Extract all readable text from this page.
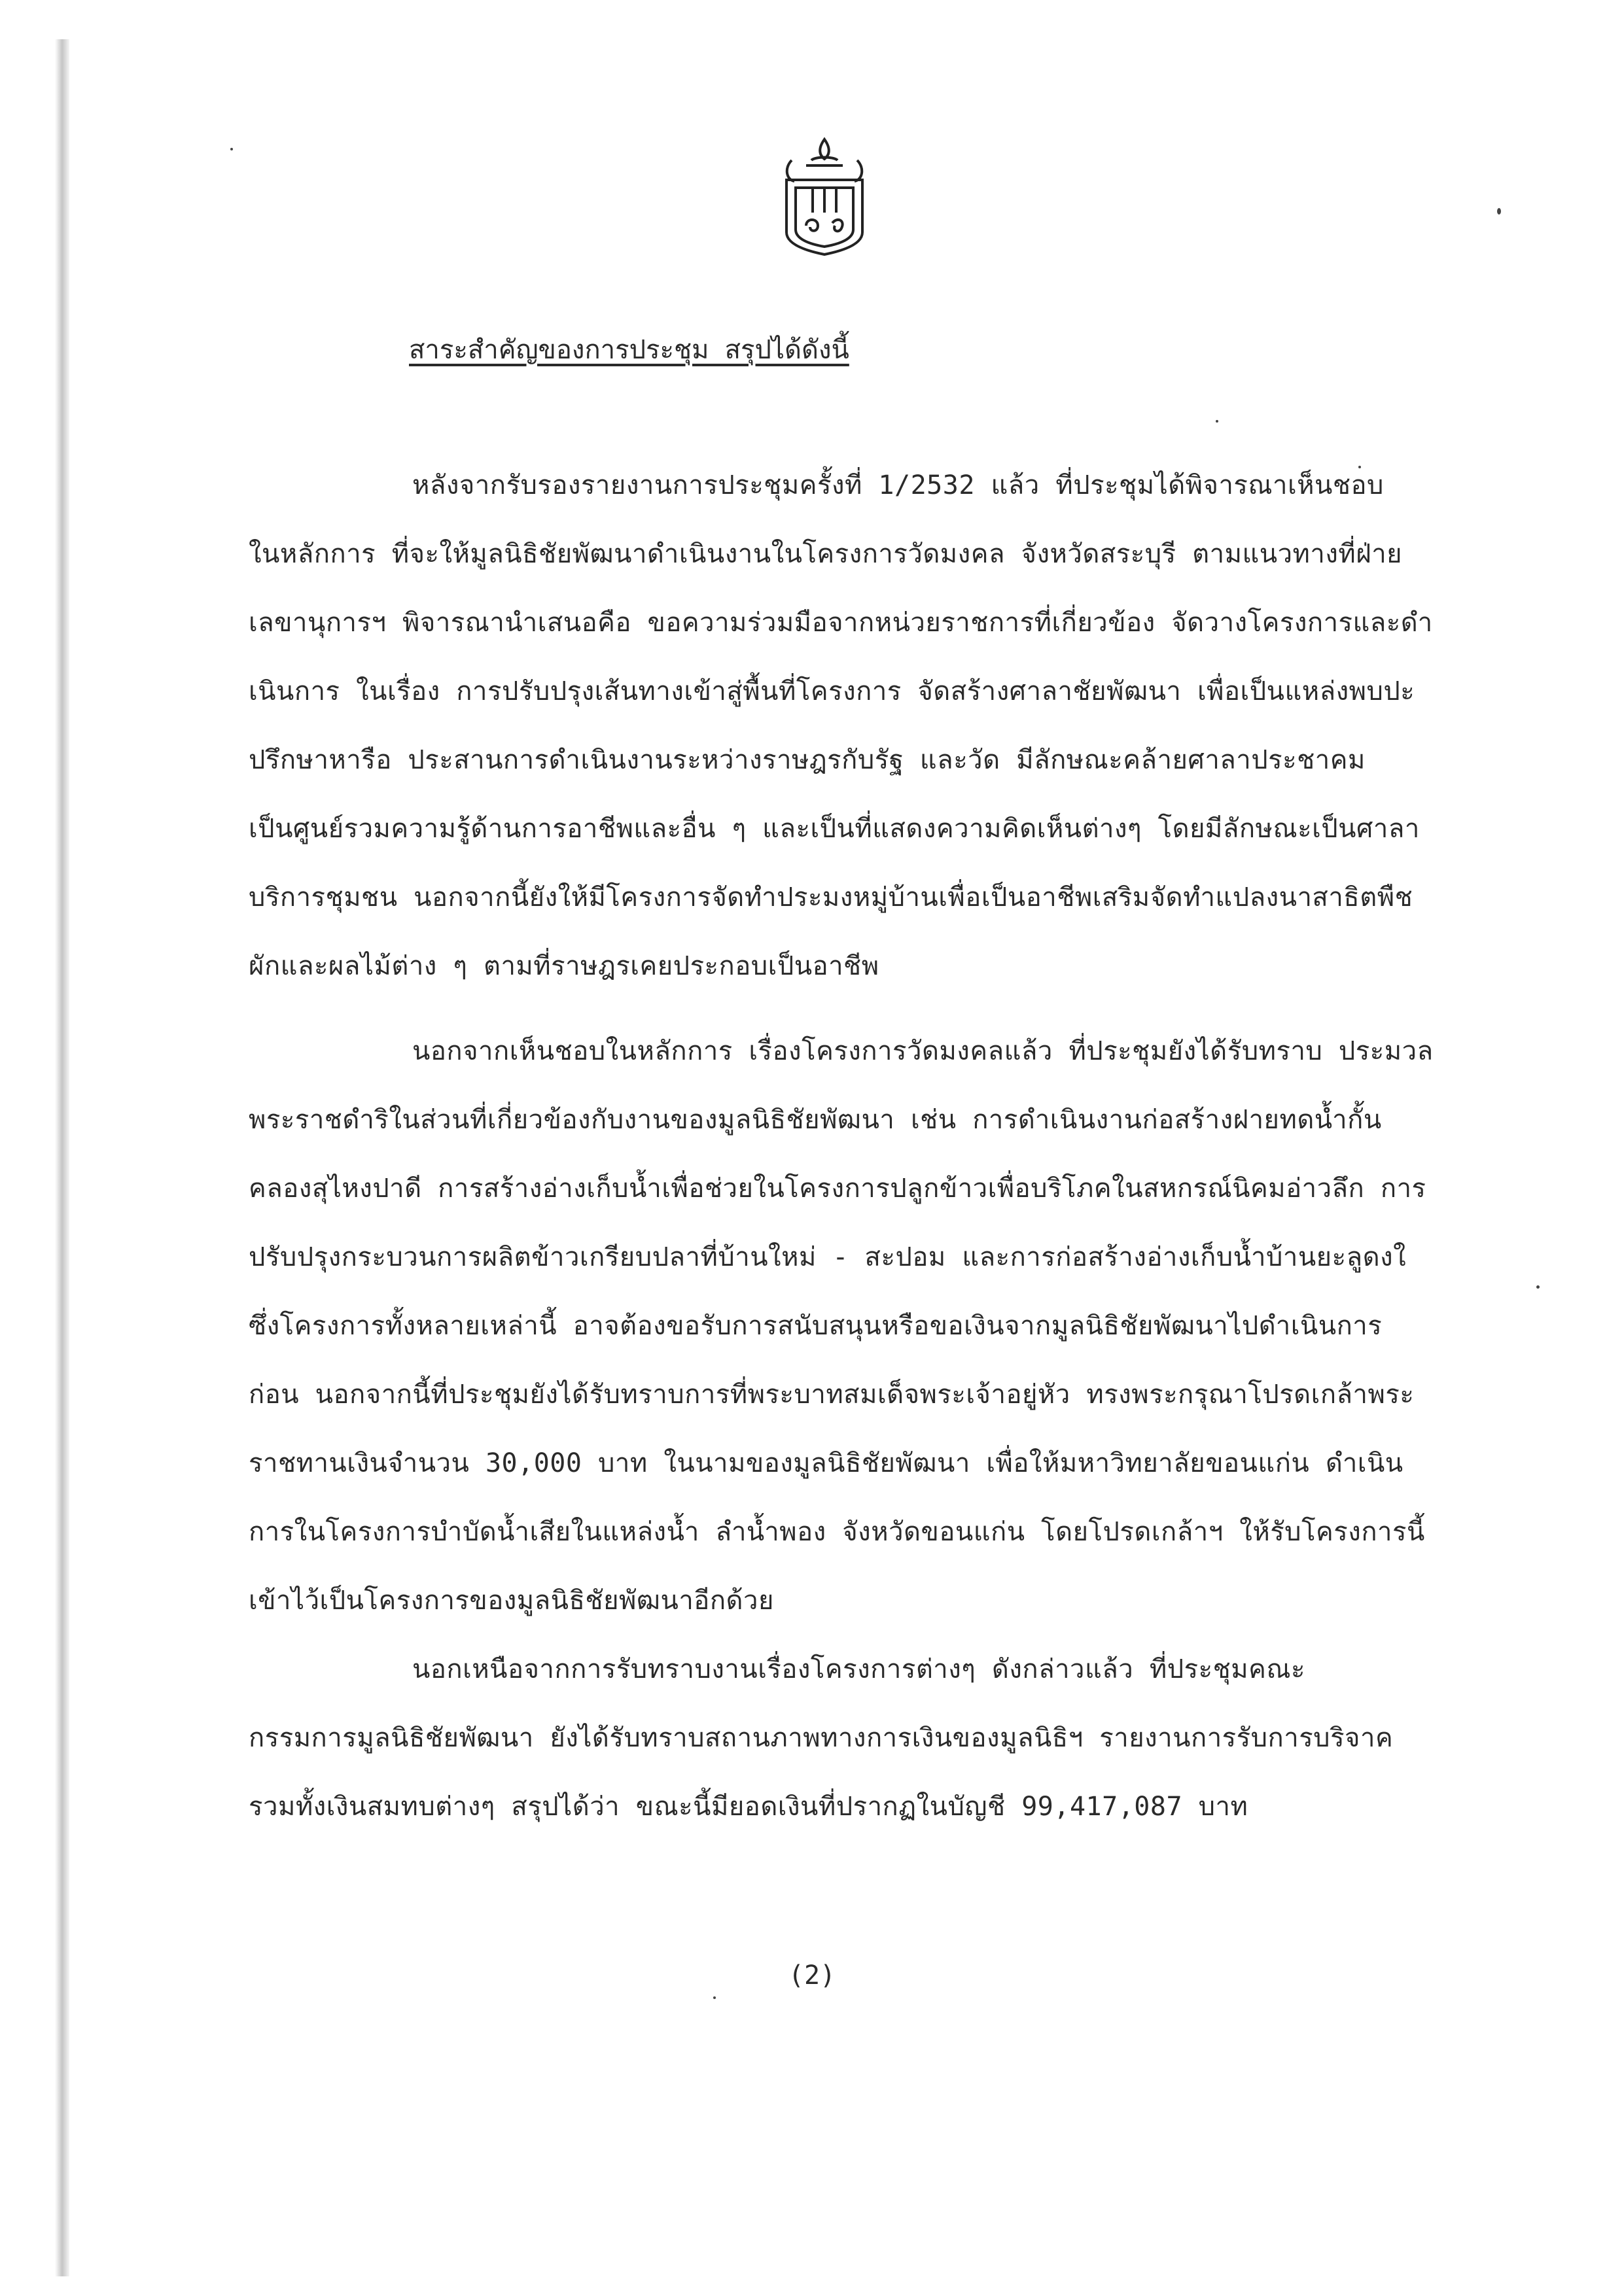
สาระสำคัญของการประชุม สรุปได้ดังนี้
หลังจากรับรองรายงานการประชุมครั้งที่ 1/2532 แล้ว ที่ประชุมได้พิจารณาเห็นชอบ
ในหลักการ ที่จะให้มูลนิธิชัยพัฒนาดำเนินงานในโครงการวัดมงคล จังหวัดสระบุรี ตามแนวทางที่ฝ่าย
เลขานุการฯ พิจารณานำเสนอคือ ขอความร่วมมือจากหน่วยราชการที่เกี่ยวข้อง จัดวางโครงการและดำ
เนินการ ในเรื่อง การปรับปรุงเส้นทางเข้าสู่พื้นที่โครงการ จัดสร้างศาลาชัยพัฒนา เพื่อเป็นแหล่งพบปะ
ปรึกษาหารือ ประสานการดำเนินงานระหว่างราษฎรกับรัฐ และวัด มีลักษณะคล้ายศาลาประชาคม
เป็นศูนย์รวมความรู้ด้านการอาชีพและอื่น ๆ และเป็นที่แสดงความคิดเห็นต่างๆ โดยมีลักษณะเป็นศาลา
บริการชุมชน นอกจากนี้ยังให้มีโครงการจัดทำประมงหมู่บ้านเพื่อเป็นอาชีพเสริมจัดทำแปลงนาสาธิตพืช
ผักและผลไม้ต่าง ๆ ตามที่ราษฎรเคยประกอบเป็นอาชีพ
นอกจากเห็นชอบในหลักการ เรื่องโครงการวัดมงคลแล้ว ที่ประชุมยังได้รับทราบ ประมวล
พระราชดำริในส่วนที่เกี่ยวข้องกับงานของมูลนิธิชัยพัฒนา เช่น การดำเนินงานก่อสร้างฝายทดน้ำกั้น
คลองสุไหงปาดี การสร้างอ่างเก็บน้ำเพื่อช่วยในโครงการปลูกข้าวเพื่อบริโภคในสหกรณ์นิคมอ่าวลึก การ
ปรับปรุงกระบวนการผลิตข้าวเกรียบปลาที่บ้านใหม่ - สะปอม และการก่อสร้างอ่างเก็บน้ำบ้านยะลูดงใ
ซึ่งโครงการทั้งหลายเหล่านี้ อาจต้องขอรับการสนับสนุนหรือขอเงินจากมูลนิธิชัยพัฒนาไปดำเนินการ
ก่อน นอกจากนี้ที่ประชุมยังได้รับทราบการที่พระบาทสมเด็จพระเจ้าอยู่หัว ทรงพระกรุณาโปรดเกล้าพระ
ราชทานเงินจำนวน 30,000 บาท ในนามของมูลนิธิชัยพัฒนา เพื่อให้มหาวิทยาลัยขอนแก่น ดำเนิน
การในโครงการบำบัดน้ำเสียในแหล่งน้ำ ลำน้ำพอง จังหวัดขอนแก่น โดยโปรดเกล้าฯ ให้รับโครงการนี้
เข้าไว้เป็นโครงการของมูลนิธิชัยพัฒนาอีกด้วย
นอกเหนือจากการรับทราบงานเรื่องโครงการต่างๆ ดังกล่าวแล้ว ที่ประชุมคณะ
กรรมการมูลนิธิชัยพัฒนา ยังได้รับทราบสถานภาพทางการเงินของมูลนิธิฯ รายงานการรับการบริจาค
รวมทั้งเงินสมทบต่างๆ สรุปได้ว่า ขณะนี้มียอดเงินที่ปรากฏในบัญชี 99,417,087 บาท
(2)
